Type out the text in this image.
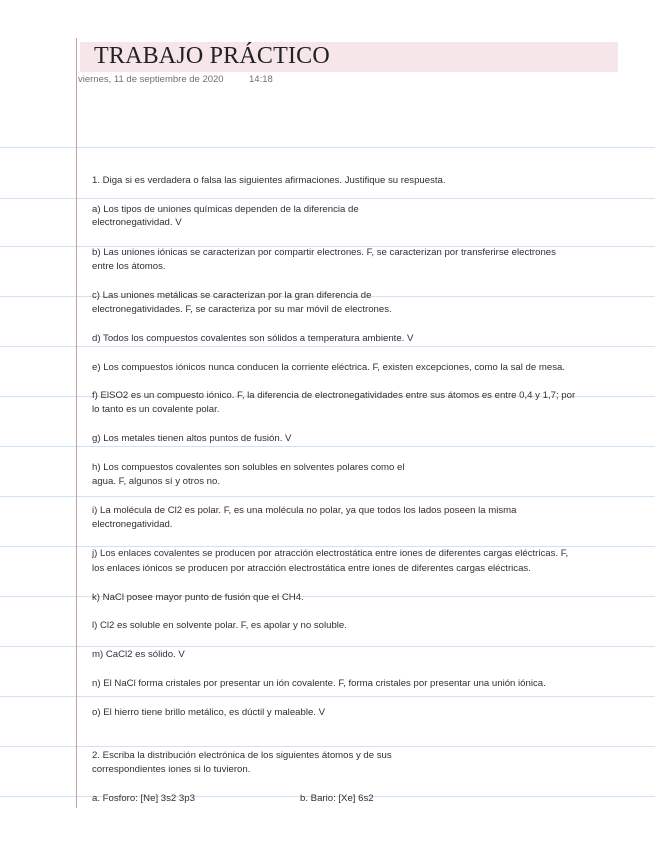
TRABAJO PRÁCTICO
viernes, 11 de septiembre de 2020	14:18
1. Diga si es verdadera o falsa las siguientes afirmaciones. Justifique su respuesta.
a) Los tipos de uniones químicas dependen de la diferencia de
electronegatividad. V
b) Las uniones iónicas se caracterizan por compartir electrones. F, se caracterizan por transferirse electrones
entre los átomos.
c) Las uniones metálicas se caracterizan por la gran diferencia de
electronegatividades. F, se caracteriza por su mar móvil de electrones.
d) Todos los compuestos covalentes son sólidos a temperatura ambiente. V
e) Los compuestos iónicos nunca conducen la corriente eléctrica. F, existen excepciones, como la sal de mesa.
f) ElSO2 es un compuesto iónico. F, la diferencia de electronegatividades entre sus átomos es entre 0,4 y 1,7; por
lo tanto es un covalente polar.
g) Los metales tienen altos puntos de fusión. V
h) Los compuestos covalentes son solubles en solventes polares como el
agua. F, algunos sí y otros no.
i) La molécula de Cl2 es polar. F, es una molécula no polar, ya que todos los lados poseen la misma
electronegatividad.
j) Los enlaces covalentes se producen por atracción electrostática entre iones de diferentes cargas eléctricas. F,
los enlaces iónicos se producen por atracción electrostática entre iones de diferentes cargas eléctricas.
k) NaCl posee mayor punto de fusión que el CH4.
l) Cl2 es soluble en solvente polar. F, es apolar y no soluble.
m) CaCl2 es sólido. V
n) El NaCl forma cristales por presentar un ión covalente. F, forma cristales por presentar una unión iónica.
o) El hierro tiene brillo metálico, es dúctil y maleable. V
2. Escriba la distribución electrónica de los siguientes átomos y de sus
correspondientes iones si lo tuvieron.
a. Fosforo: [Ne] 3s2 3p3	b. Bario: [Xe] 6s2
